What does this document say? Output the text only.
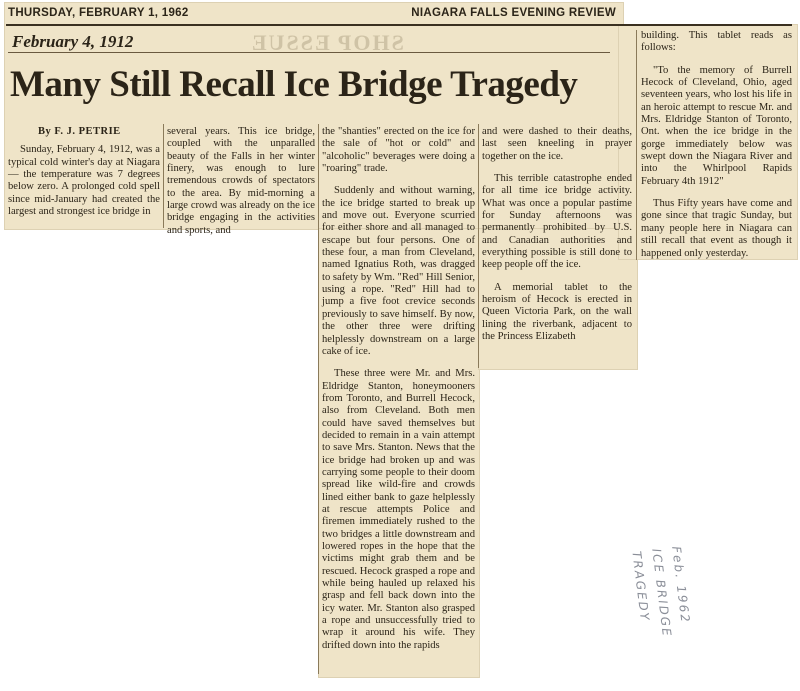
THURSDAY, FEBRUARY 1, 1962	NIAGARA FALLS EVENING REVIEW
SHOP ESSUE
February 4, 1912
Many Still Recall Ice Bridge Tragedy
By F. J. PETRIE

Sunday, February 4, 1912, was a typical cold winter's day at Niagara — the temperature was 7 degrees below zero. A prolonged cold spell since mid-January had created the largest and strongest ice bridge in

several years. This ice bridge, coupled with the unparalled beauty of the Falls in her winter finery, was enough to lure tremendous crowds of spectators to the area. By mid-morning a large crowd was already on the ice bridge engaging in the activities and sports, and

the "shanties" erected on the ice for the sale of "hot or cold" and "alcoholic" beverages were doing a "roaring" trade.

Suddenly and without warning, the ice bridge started to break up and move out. Everyone scurried for either shore and all managed to escape but four persons. One of these four, a man from Cleveland, named Ignatius Roth, was dragged to safety by Wm. "Red" Hill Senior, using a rope. "Red" Hill had to jump a five foot crevice seconds previously to save himself. By now, the other three were drifting helplessly downstream on a large cake of ice.

These three were Mr. and Mrs. Eldridge Stanton, honeymooners from Toronto, and Burrell Hecock, also from Cleveland. Both men could have saved themselves but decided to remain in a vain attempt to save Mrs. Stanton. News that the ice bridge had broken up and was carrying some people to their doom spread like wild-fire and crowds lined either bank to gaze helplessly at rescue attempts Police and firemen immediately rushed to the two bridges a little downstream and lowered ropes in the hope that the victims might grab them and be rescued. Hecock grasped a rope and while being hauled up relaxed his grasp and fell back down into the icy water. Mr. Stanton also grasped a rope and unsuccessfully tried to wrap it around his wife. They drifted down into the rapids

and were dashed to their deaths, last seen kneeling in prayer together on the ice.

This terrible catastrophe ended for all time ice bridge activity. What was once a popular pastime for Sunday afternoons was permanently prohibited by U.S. and Canadian authorities and everything possible is still done to keep people off the ice.

A memorial tablet to the heroism of Hecock is erected in Queen Victoria Park, on the wall lining the riverbank, adjacent to the Princess Elizabeth

building. This tablet reads as follows:

"To the memory of Burrell Hecock of Cleveland, Ohio, aged seventeen years, who lost his life in an heroic attempt to rescue Mr. and Mrs. Eldridge Stanton of Toronto, Ont. when the ice bridge in the gorge immediately below was swept down the Niagara River and into the Whirlpool Rapids February 4th 1912"

Thus Fifty years have come and gone since that tragic Sunday, but many people here in Niagara can still recall that event as though it happened only yesterday.

Feb. 1962
ICE BRIDGE
TRAGEDY
